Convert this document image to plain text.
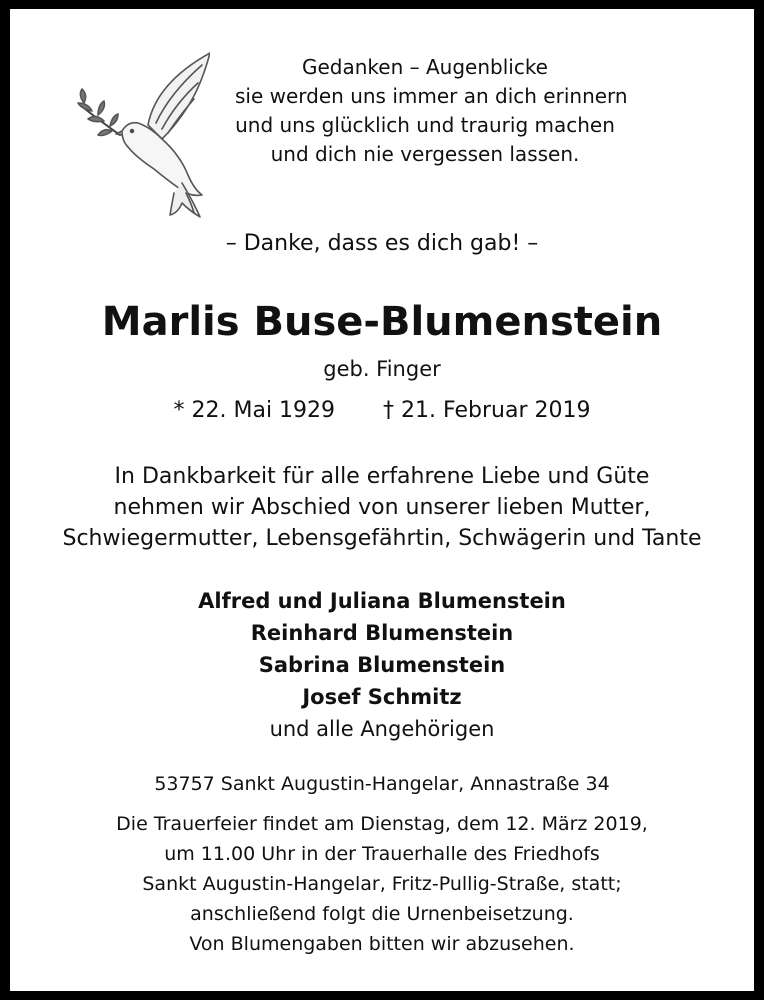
Gedanken – Augenblicke
sie werden uns immer an dich erinnern
und uns glücklich und traurig machen
und dich nie vergessen lassen.
– Danke, dass es dich gab! –
Marlis Buse-Blumenstein
geb. Finger
* 22. Mai 1929 † 21. Februar 2019
In Dankbarkeit für alle erfahrene Liebe und Güte
nehmen wir Abschied von unserer lieben Mutter,
Schwiegermutter, Lebensgefährtin, Schwägerin und Tante
Alfred und Juliana Blumenstein
Reinhard Blumenstein
Sabrina Blumenstein
Josef Schmitz
und alle Angehörigen
53757 Sankt Augustin-Hangelar, Annastraße 34
Die Trauerfeier findet am Dienstag, dem 12. März 2019,
um 11.00 Uhr in der Trauerhalle des Friedhofs
Sankt Augustin-Hangelar, Fritz-Pullig-Straße, statt;
anschließend folgt die Urnenbeisetzung.
Von Blumengaben bitten wir abzusehen.
